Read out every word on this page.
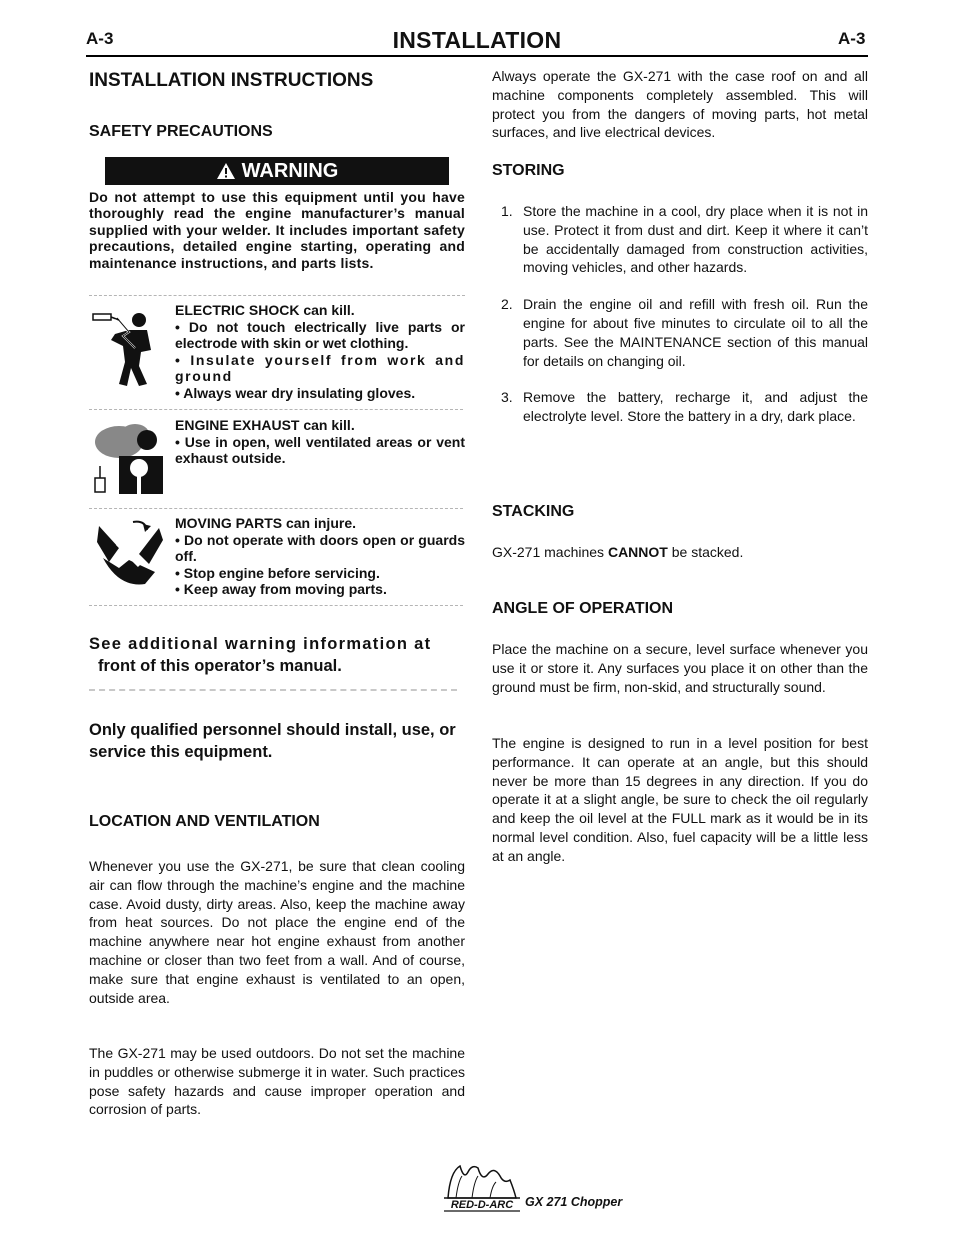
A-3	INSTALLATION	A-3
INSTALLATION INSTRUCTIONS
SAFETY PRECAUTIONS
WARNING
Do not attempt to use this equipment until you have thoroughly read the engine manufacturer’s manual supplied with your welder. It includes important safety precautions, detailed engine starting, operating and maintenance instructions, and parts lists.
ELECTRIC SHOCK can kill.
• Do not touch electrically live parts or electrode with skin or wet clothing.
• Insulate yourself from work and ground
• Always wear dry insulating gloves.
ENGINE EXHAUST can kill.
• Use in open, well ventilated areas or vent exhaust outside.
MOVING PARTS can injure.
• Do not operate with doors open or guards off.
• Stop engine before servicing.
• Keep away from moving parts.
See additional warning information at
front of this operator’s manual.
Only qualified personnel should install, use, or service this equipment.
LOCATION AND VENTILATION
Whenever you use the GX-271, be sure that clean cooling air can flow through the machine’s engine and the machine case. Avoid dusty, dirty areas. Also, keep the machine away from heat sources. Do not place the engine end of the machine anywhere near hot engine exhaust from another machine or closer than two feet from a wall. And of course, make sure that engine exhaust is ventilated to an open, outside area.
The GX-271 may be used outdoors. Do not set the machine in puddles or otherwise submerge it in water. Such practices pose safety hazards and cause improper operation and corrosion of parts.
Always operate the GX-271 with the case roof on and all machine components completely assembled. This will protect you from the dangers of moving parts, hot metal surfaces, and live electrical devices.
STORING
1. Store the machine in a cool, dry place when it is not in use. Protect it from dust and dirt. Keep it where it can’t be accidentally damaged from construction activities, moving vehicles, and other hazards.
2. Drain the engine oil and refill with fresh oil. Run the engine for about five minutes to circulate oil to all the parts. See the MAINTENANCE section of this manual for details on changing oil.
3. Remove the battery, recharge it, and adjust the electrolyte level. Store the battery in a dry, dark place.
STACKING
GX-271 machines CANNOT be stacked.
ANGLE OF OPERATION
Place the machine on a secure, level surface whenever you use it or store it. Any surfaces you place it on other than the ground must be firm, non-skid, and structurally sound.
The engine is designed to run in a level position for best performance. It can operate at an angle, but this should never be more than 15 degrees in any direction. If you do operate it at a slight angle, be sure to check the oil regularly and keep the oil level at the FULL mark as it would be in its normal level condition. Also, fuel capacity will be a little less at an angle.
RED-D-ARC GX 271 Chopper
